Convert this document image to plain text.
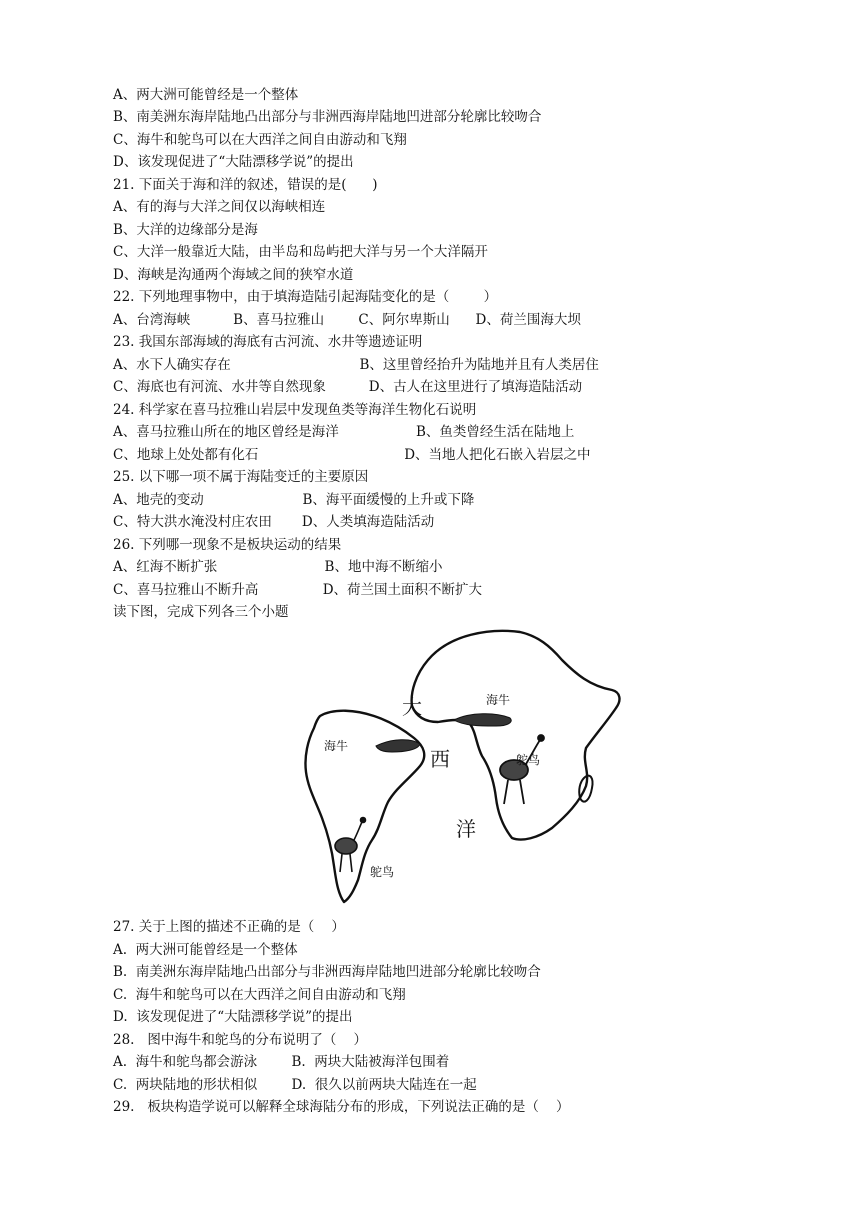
A、两大洲可能曾经是一个整体
B、南美洲东海岸陆地凸出部分与非洲西海岸陆地凹进部分轮廓比较吻合
C、海牛和鸵鸟可以在大西洋之间自由游动和飞翔
D、该发现促进了“大陆漂移学说”的提出
21. 下面关于海和洋的叙述，错误的是(      )
A、有的海与大洋之间仅以海峡相连
B、大洋的边缘部分是海
C、大洋一般靠近大陆，由半岛和岛屿把大洋与另一个大洋隔开
D、海峡是沟通两个海域之间的狭窄水道
22. 下列地理事物中，由于填海造陆引起海陆变化的是（        ）
A、台湾海峡          B、喜马拉雅山        C、阿尔卑斯山      D、荷兰围海大坝
23. 我国东部海域的海底有古河流、水井等遗迹证明
A、水下人确实存在                              B、这里曾经抬升为陆地并且有人类居住
C、海底也有河流、水井等自然现象          D、古人在这里进行了填海造陆活动
24. 科学家在喜马拉雅山岩层中发现鱼类等海洋生物化石说明
A、喜马拉雅山所在的地区曾经是海洋                  B、鱼类曾经生活在陆地上
C、地球上处处都有化石                                  D、当地人把化石嵌入岩层之中
25. 以下哪一项不属于海陆变迁的主要原因
A、地壳的变动                       B、海平面缓慢的上升或下降
C、特大洪水淹没村庄农田       D、人类填海造陆活动
26. 下列哪一现象不是板块运动的结果
A、红海不断扩张                         B、地中海不断缩小
C、喜马拉雅山不断升高               D、荷兰国土面积不断扩大
读下图，完成下列各三个小题
海牛
海牛
鸵鸟
鸵鸟
大
西
洋
27. 关于上图的描述不正确的是（    ）
A.  两大洲可能曾经是一个整体
B.  南美洲东海岸陆地凸出部分与非洲西海岸陆地凹进部分轮廓比较吻合
C.  海牛和鸵鸟可以在大西洋之间自由游动和飞翔
D.  该发现促进了“大陆漂移学说”的提出
28.   图中海牛和鸵鸟的分布说明了（    ）
A.  海牛和鸵鸟都会游泳        B.  两块大陆被海洋包围着
C.  两块陆地的形状相似        D.  很久以前两块大陆连在一起
29.   板块构造学说可以解释全球海陆分布的形成，下列说法正确的是（    ）
